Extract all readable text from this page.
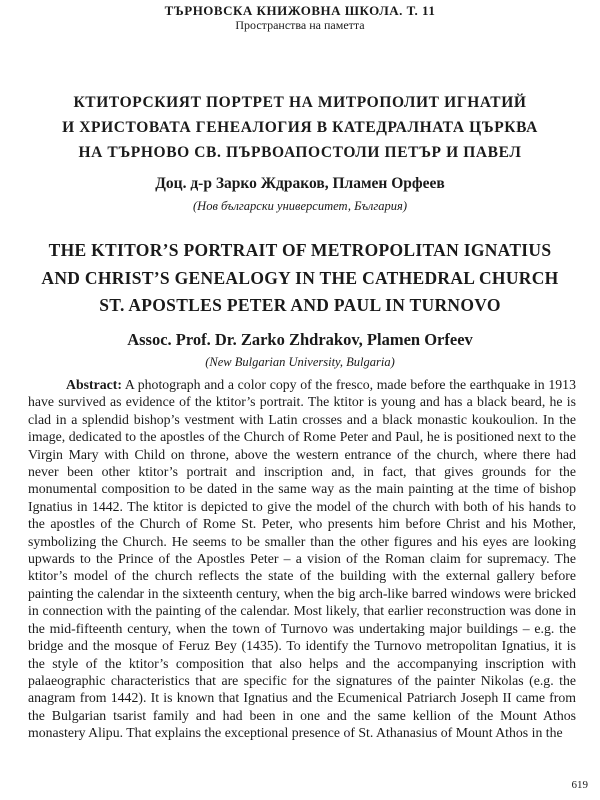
ТЪРНОВСКА КНИЖОВНА ШКОЛА. Т. 11
Пространства на паметта
КТИТОРСКИЯТ ПОРТРЕТ НА МИТРОПОЛИТ ИГНАТИЙ
И ХРИСТОВАТА ГЕНЕАЛОГИЯ В КАТЕДРАЛНАТА ЦЪРКВА
НА ТЪРНОВО СВ. ПЪРВОАПОСТОЛИ ПЕТЪР И ПАВЕЛ
Доц. д-р Зарко Ждраков, Пламен Орфеев
(Нов български университет, България)
THE KTITOR’S PORTRAIT OF METROPOLITAN IGNATIUS
AND CHRIST’S GENEALOGY IN THE CATHEDRAL CHURCH
ST. APOSTLES PETER AND PAUL IN TURNOVO
Assoc. Prof. Dr. Zarko Zhdrakov, Plamen Orfeev
(New Bulgarian University, Bulgaria)

Abstract: A photograph and a color copy of the fresco, made before the earthquake in 1913 have survived as evidence of the ktitor’s portrait. The ktitor is young and has a black beard, he is clad in a splendid bishop’s vestment with Latin crosses and a black monastic koukoulion. In the image, dedicated to the apostles of the Church of Rome Peter and Paul, he is positioned next to the Virgin Mary with Child on throne, above the western entrance of the church, where there had never been other ktitor’s portrait and inscription and, in fact, that gives grounds for the monumental composition to be dated in the same way as the main painting at the time of bishop Ignatius in 1442. The ktitor is depicted to give the model of the church with both of his hands to the apostles of the Church of Rome St. Peter, who presents him before Christ and his Mother, symbolizing the Church. He seems to be smaller than the other figures and his eyes are looking upwards to the Prince of the Apostles Peter – a vision of the Roman claim for supremacy. The ktitor’s model of the church reflects the state of the building with the external gallery before painting the calendar in the sixteenth century, when the big arch-like barred windows were bricked in connection with the painting of the calendar. Most likely, that earlier reconstruction was done in the mid-fifteenth century, when the town of Turnovo was undertaking major buildings – e.g. the bridge and the mosque of Feruz Bey (1435). To identify the Turnovo metropolitan Ignatius, it is the style of the ktitor’s composition that also helps and the accompanying inscription with palaeographic characteristics that are specific for the signatures of the painter Nikolas (e.g. the anagram from 1442). It is known that Ignatius and the Ecumenical Patriarch Joseph II came from the Bulgarian tsarist family and had been in one and the same kellion of the Mount Athos monastery Alipu. That explains the exceptional presence of St. Athanasius of Mount Athos in the

619
